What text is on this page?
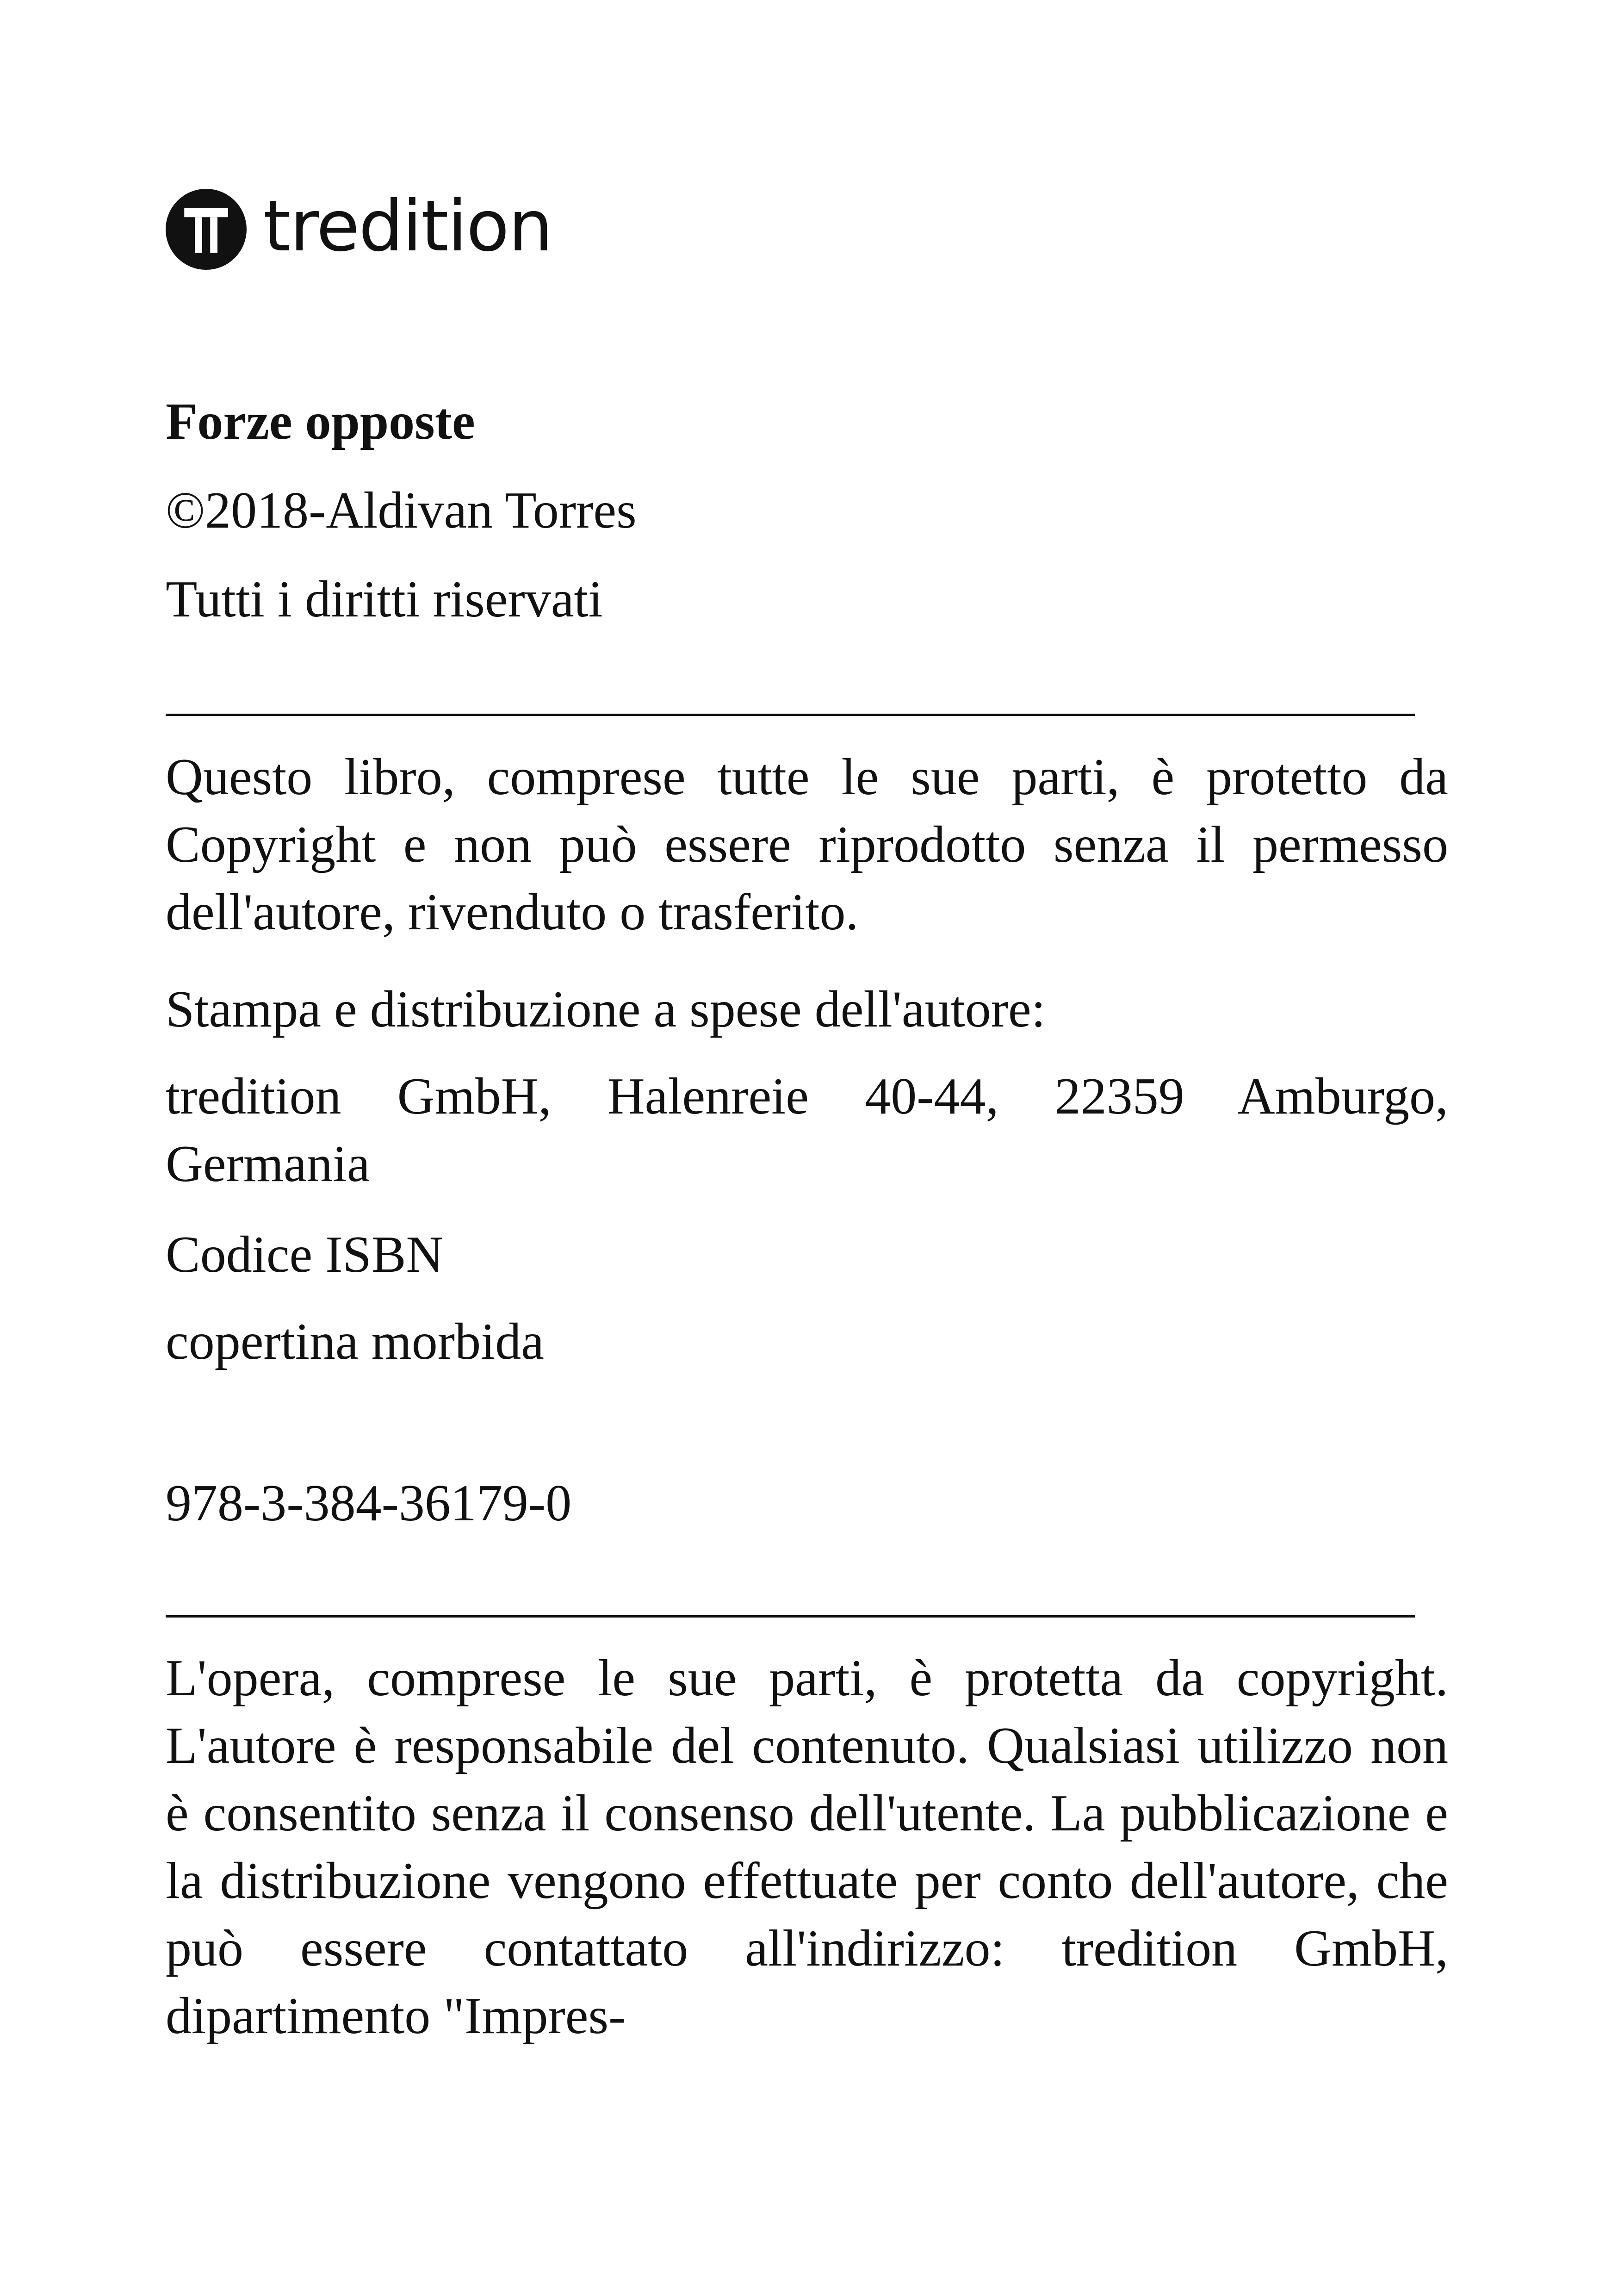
tredition

Forze opposte

©2018-Aldivan Torres

Tutti i diritti riservati

Questo libro, comprese tutte le sue parti, è protetto da Copyright e non può essere riprodotto senza il permesso dell'autore, rivenduto o trasferito.

Stampa e distribuzione a spese dell'autore:

tredition GmbH, Halenreie 40-44, 22359 Amburgo, Germania

Codice ISBN

copertina morbida

978-3-384-36179-0

L'opera, comprese le sue parti, è protetta da copyright. L'autore è responsabile del contenuto. Qualsiasi utilizzo non è consentito senza il consenso dell'utente. La pubblicazione e la distribuzione vengono effettuate per conto dell'autore, che può essere contattato all'indirizzo: tredition GmbH, dipartimento "Impres-
